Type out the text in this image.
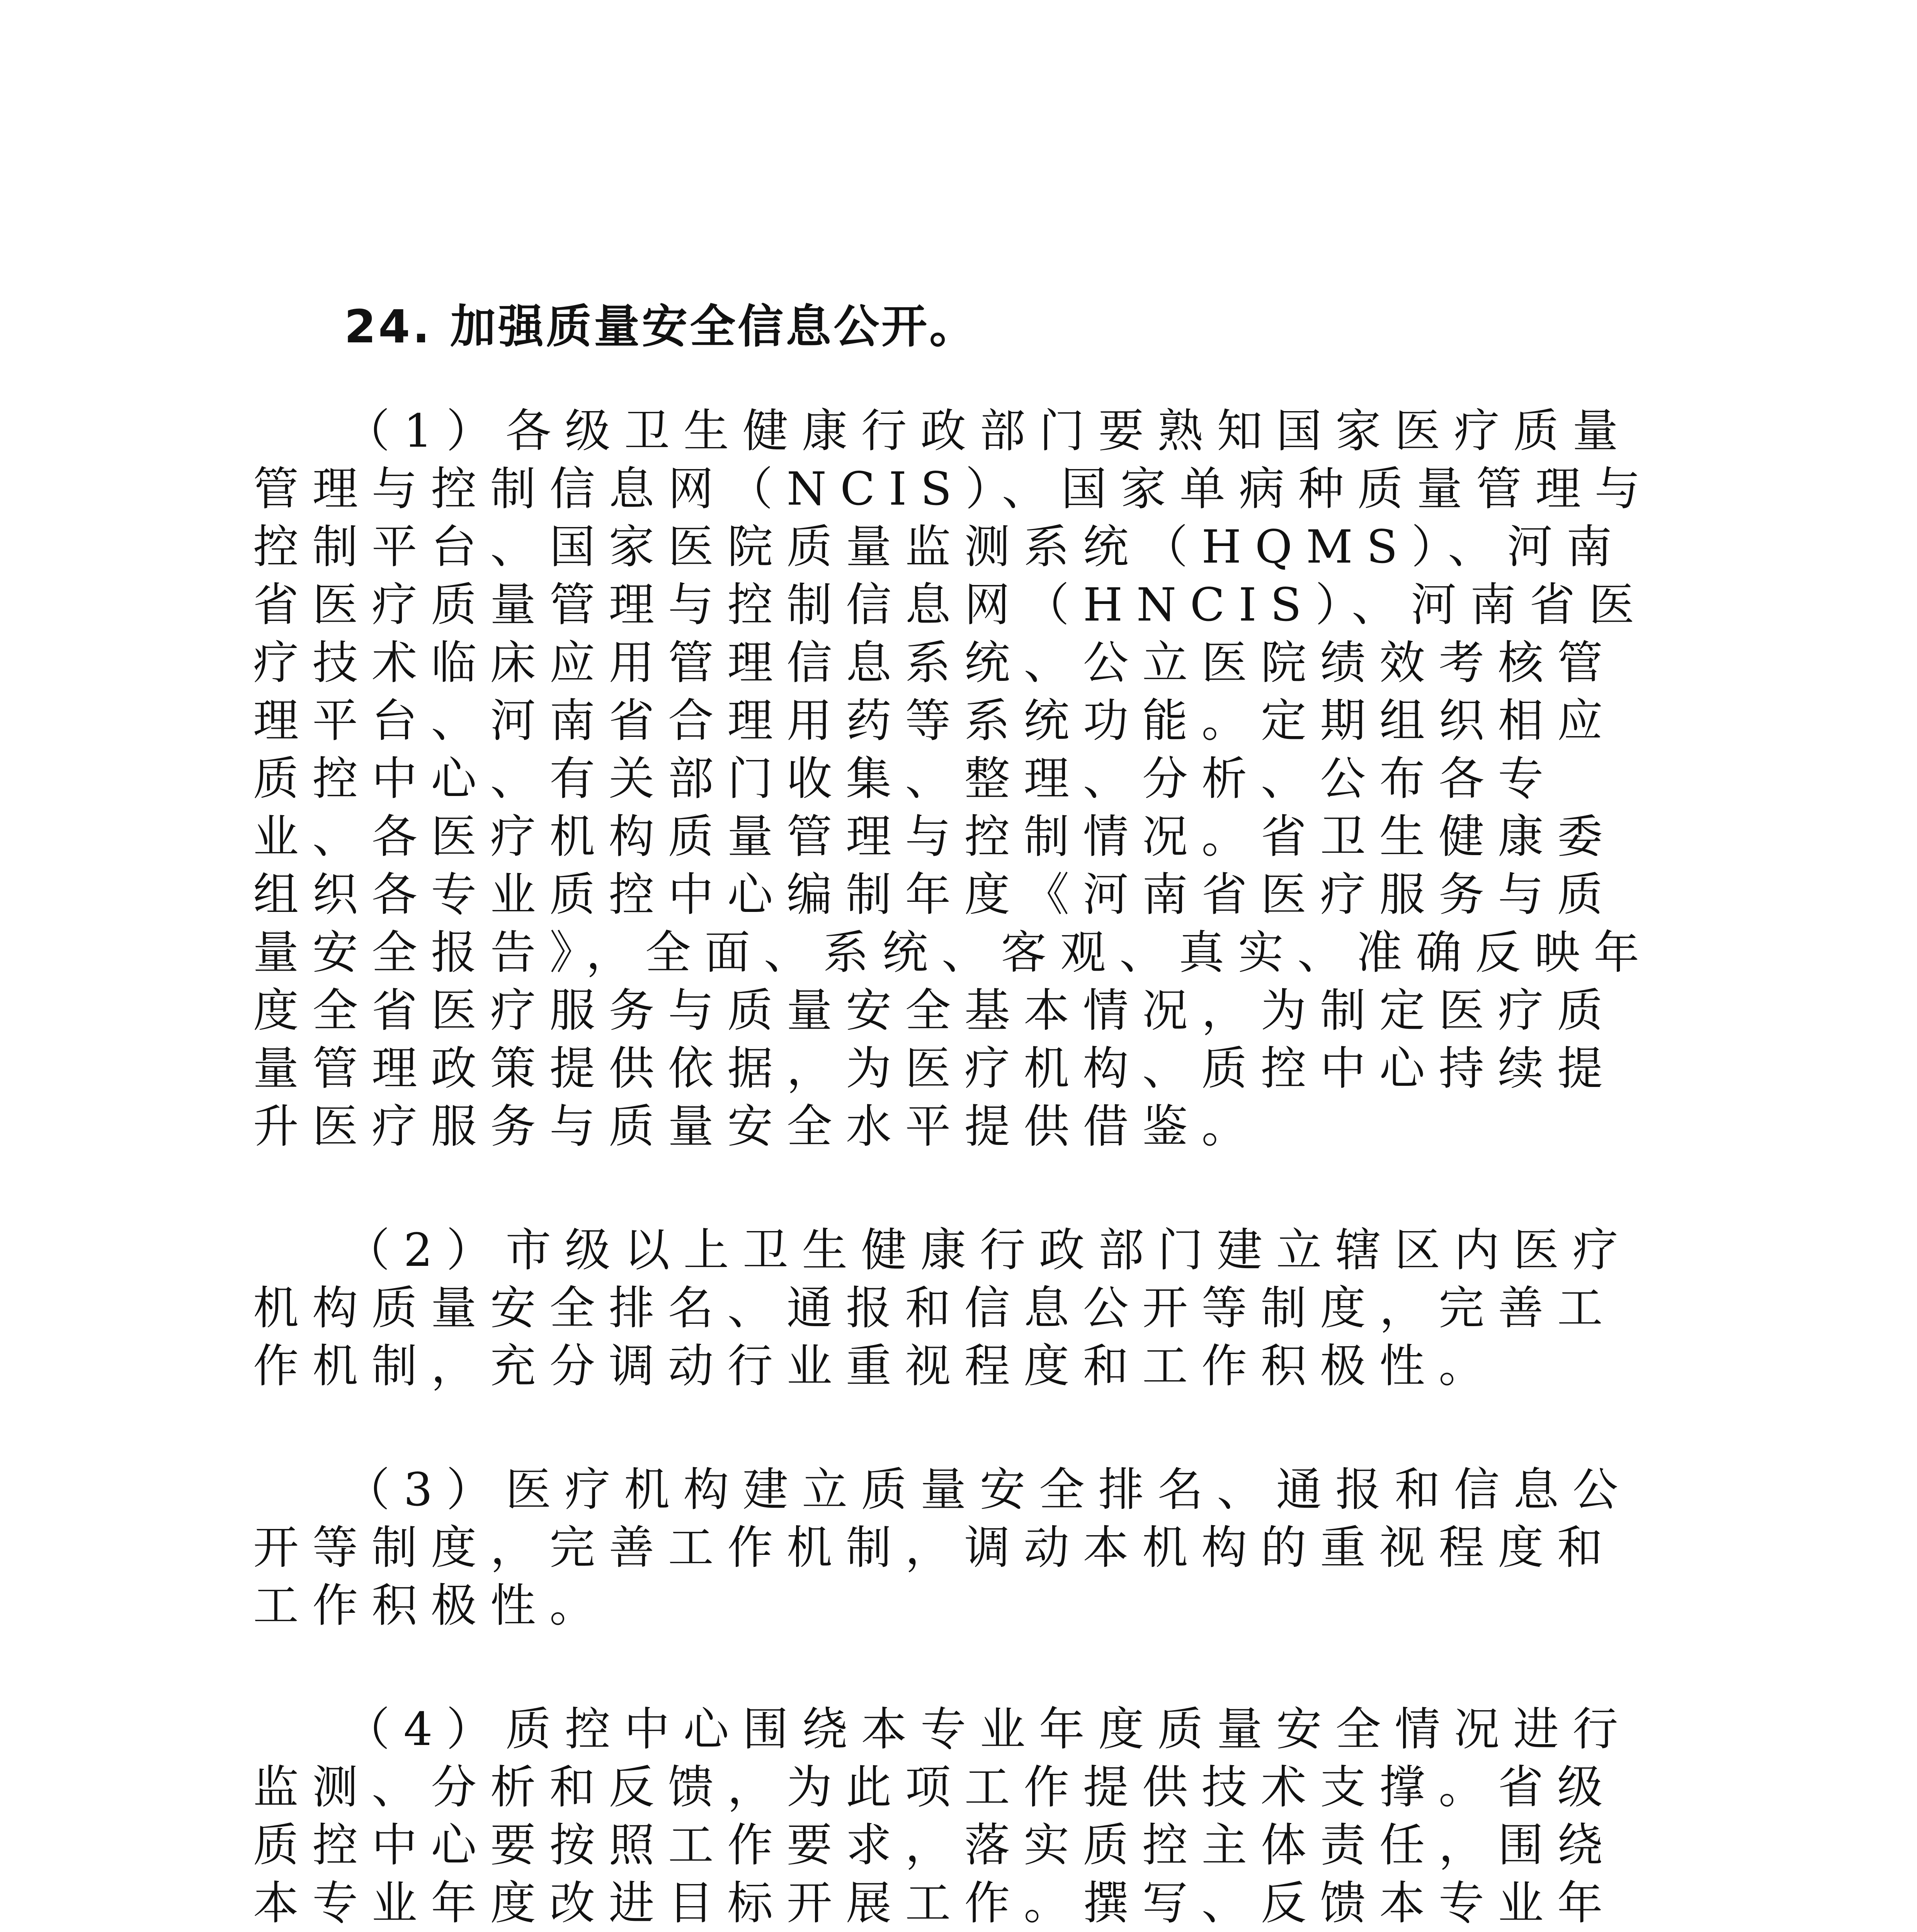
24. 加强质量安全信息公开。

（1）各级卫生健康行政部门要熟知国家医疗质量管理与控制信息网（NCIS）、国家单病种质量管理与控制平台、国家医院质量监测系统（HQMS）、河南省医疗质量管理与控制信息网（HNCIS）、河南省医疗技术临床应用管理信息系统、公立医院绩效考核管理平台、河南省合理用药等系统功能。定期组织相应质控中心、有关部门收集、整理、分析、公布各专业、各医疗机构质量管理与控制情况。省卫生健康委组织各专业质控中心编制年度《河南省医疗服务与质量安全报告》，全面、系统、客观、真实、准确反映年度全省医疗服务与质量安全基本情况，为制定医疗质量管理政策提供依据，为医疗机构、质控中心持续提升医疗服务与质量安全水平提供借鉴。

（2）市级以上卫生健康行政部门建立辖区内医疗机构质量安全排名、通报和信息公开等制度，完善工作机制，充分调动行业重视程度和工作积极性。

（3）医疗机构建立质量安全排名、通报和信息公开等制度，完善工作机制，调动本机构的重视程度和工作积极性。

（4）质控中心围绕本专业年度质量安全情况进行监测、分析和反馈，为此项工作提供技术支撑。省级质控中心要按照工作要求，落实质控主体责任，围绕本专业年度改进目标开展工作。撰写、反馈本专业年
